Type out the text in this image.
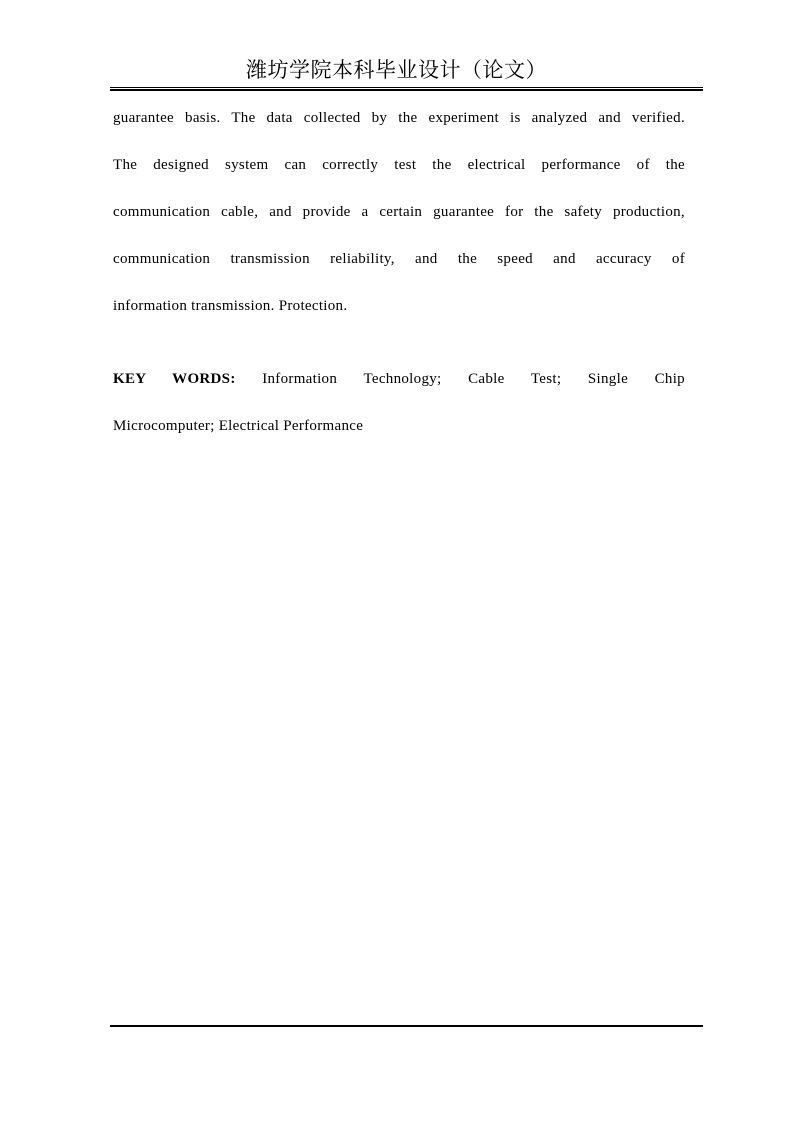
潍坊学院本科毕业设计（论文）
guarantee basis. The data collected by the experiment is analyzed and verified.
The designed system can correctly test the electrical performance of the
communication cable, and provide a certain guarantee for the safety production,
communication transmission reliability, and the speed and accuracy of
information transmission. Protection.
KEY WORDS: Information Technology; Cable Test; Single Chip
Microcomputer; Electrical Performance
